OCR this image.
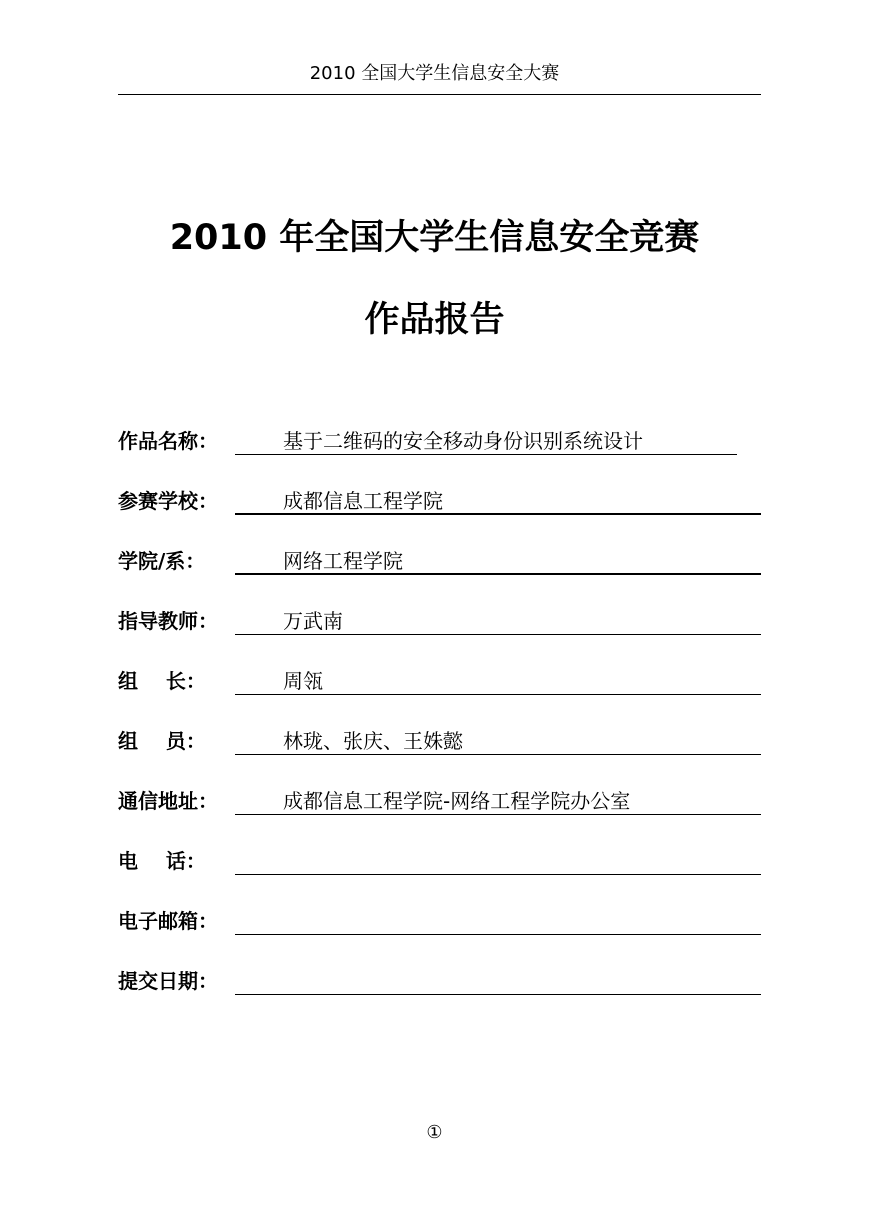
2010 全国大学生信息安全大赛
2010 年全国大学生信息安全竞赛
作品报告
作品名称：	基于二维码的安全移动身份识别系统设计
参赛学校：	成都信息工程学院
学院/系：	网络工程学院
指导教师：	万武南
组    长：	周瓴
组    员：	林珑、张庆、王姝懿
通信地址：	成都信息工程学院-网络工程学院办公室
电    话：
电子邮箱：
提交日期：
①
